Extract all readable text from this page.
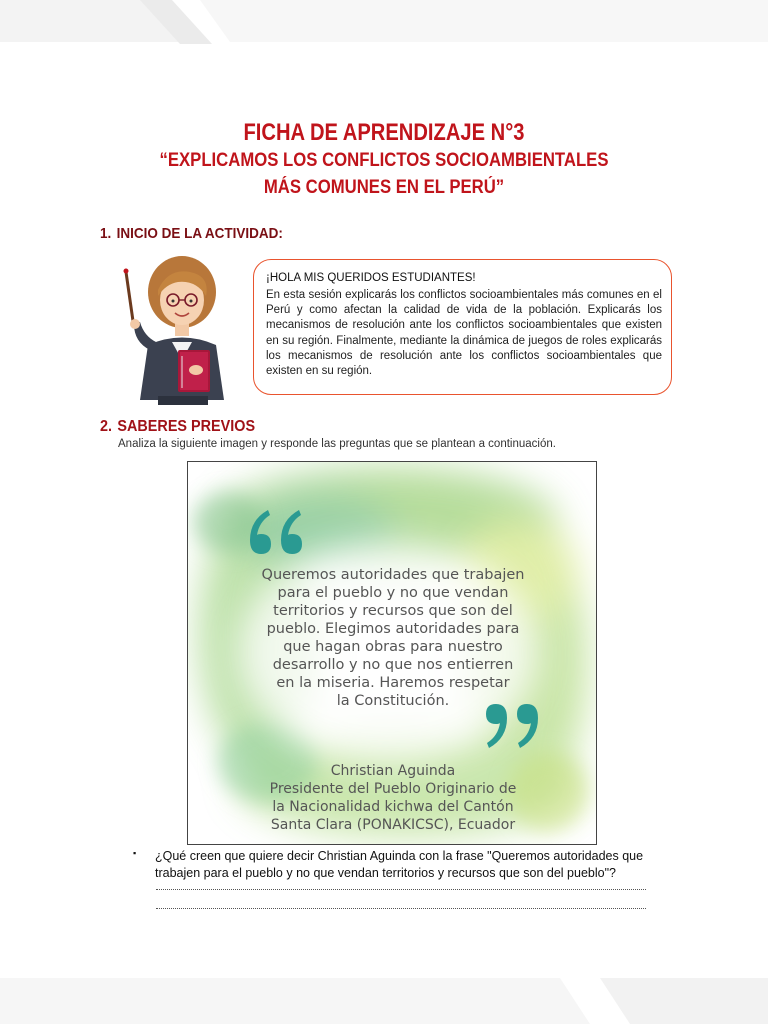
FICHA DE APRENDIZAJE N°3
“EXPLICAMOS LOS CONFLICTOS SOCIOAMBIENTALES
MÁS COMUNES EN EL PERÚ”
1. INICIO DE LA ACTIVIDAD:
¡HOLA MIS QUERIDOS ESTUDIANTES!

En esta sesión explicarás los conflictos socioambientales más comunes en el Perú y como afectan la calidad de vida de la población. Explicarás los mecanismos de resolución ante los conflictos socioambientales que existen en su región. Finalmente, mediante la dinámica de juegos de roles explicarás los mecanismos de resolución ante los conflictos socioambientales que existen en su región.

2. SABERES PREVIOS

Analiza la siguiente imagen y responde las preguntas que se plantean a continuación.

Queremos autoridades que trabajen
para el pueblo y no que vendan
territorios y recursos que son del
pueblo. Elegimos autoridades para
que hagan obras para nuestro
desarrollo y no que nos entierren
en la miseria. Haremos respetar
la Constitución.

Christian Aguinda
Presidente del Pueblo Originario de
la Nacionalidad kichwa del Cantón
Santa Clara (PONAKICSC), Ecuador

▪ ¿Qué creen que quiere decir Christian Aguinda con la frase "Queremos autoridades que
trabajen para el pueblo y no que vendan territorios y recursos que son del pueblo"?
